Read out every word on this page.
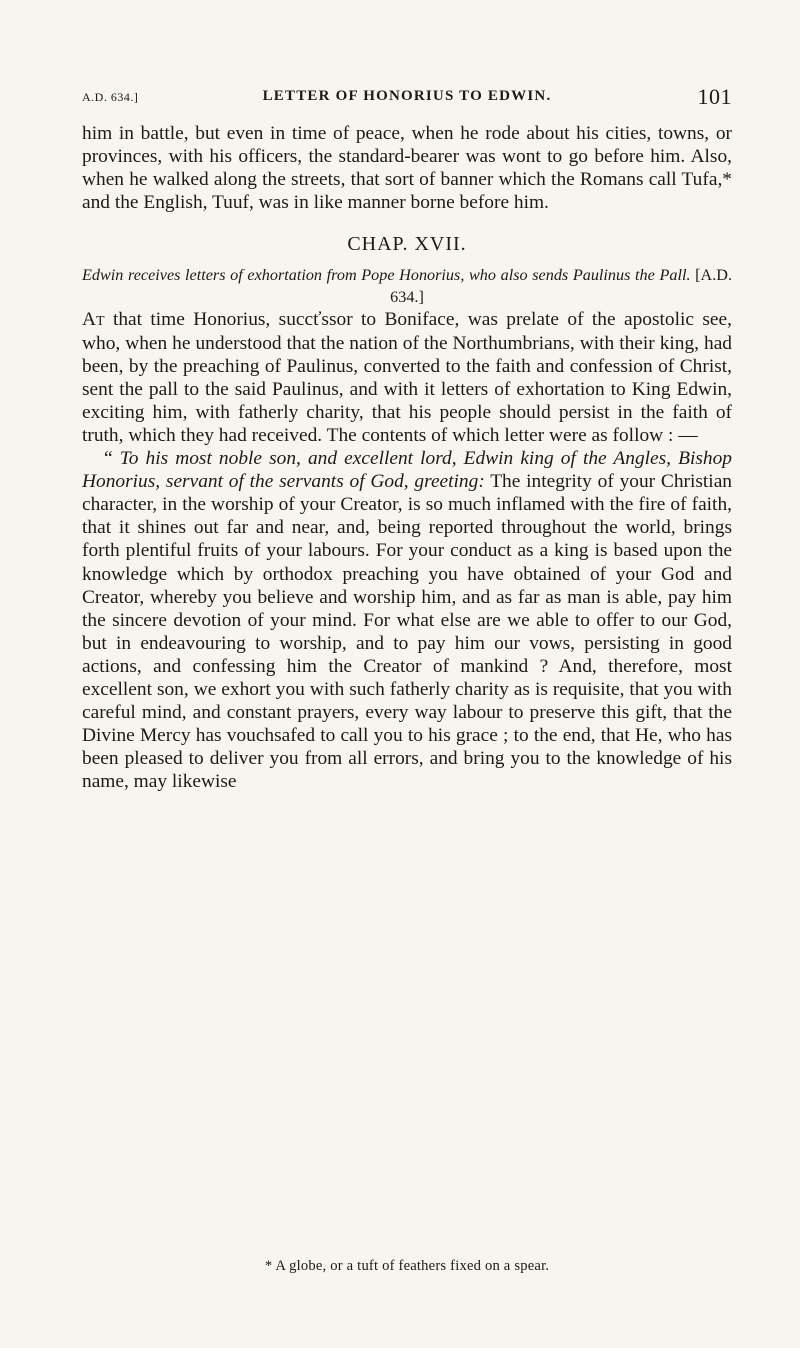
A.D. 634.]	LETTER OF HONORIUS TO EDWIN.	101

him in battle, but even in time of peace, when he rode about his cities, towns, or provinces, with his officers, the standard-bearer was wont to go before him. Also, when he walked along the streets, that sort of banner which the Romans call Tufa,* and the English, Tuuf, was in like manner borne before him.

CHAP. XVII.

Edwin receives letters of exhortation from Pope Honorius, who also sends Paulinus the Pall. [A.D. 634.]

At that time Honorius, succťssor to Boniface, was prelate of the apostolic see, who, when he understood that the nation of the Northumbrians, with their king, had been, by the preaching of Paulinus, converted to the faith and confession of Christ, sent the pall to the said Paulinus, and with it letters of exhortation to King Edwin, exciting him, with fatherly charity, that his people should persist in the faith of truth, which they had received. The contents of which letter were as follow : —

“ To his most noble son, and excellent lord, Edwin king of the Angles, Bishop Honorius, servant of the servants of God, greeting: The integrity of your Christian character, in the worship of your Creator, is so much inflamed with the fire of faith, that it shines out far and near, and, being reported throughout the world, brings forth plentiful fruits of your labours. For your conduct as a king is based upon the knowledge which by orthodox preaching you have obtained of your God and Creator, whereby you believe and worship him, and as far as man is able, pay him the sincere devotion of your mind. For what else are we able to offer to our God, but in endeavouring to worship, and to pay him our vows, persisting in good actions, and confessing him the Creator of mankind ? And, therefore, most excellent son, we exhort you with such fatherly charity as is requisite, that you with careful mind, and constant prayers, every way labour to preserve this gift, that the Divine Mercy has vouchsafed to call you to his grace ; to the end, that He, who has been pleased to deliver you from all errors, and bring you to the knowledge of his name, may likewise

* A globe, or a tuft of feathers fixed on a spear.
